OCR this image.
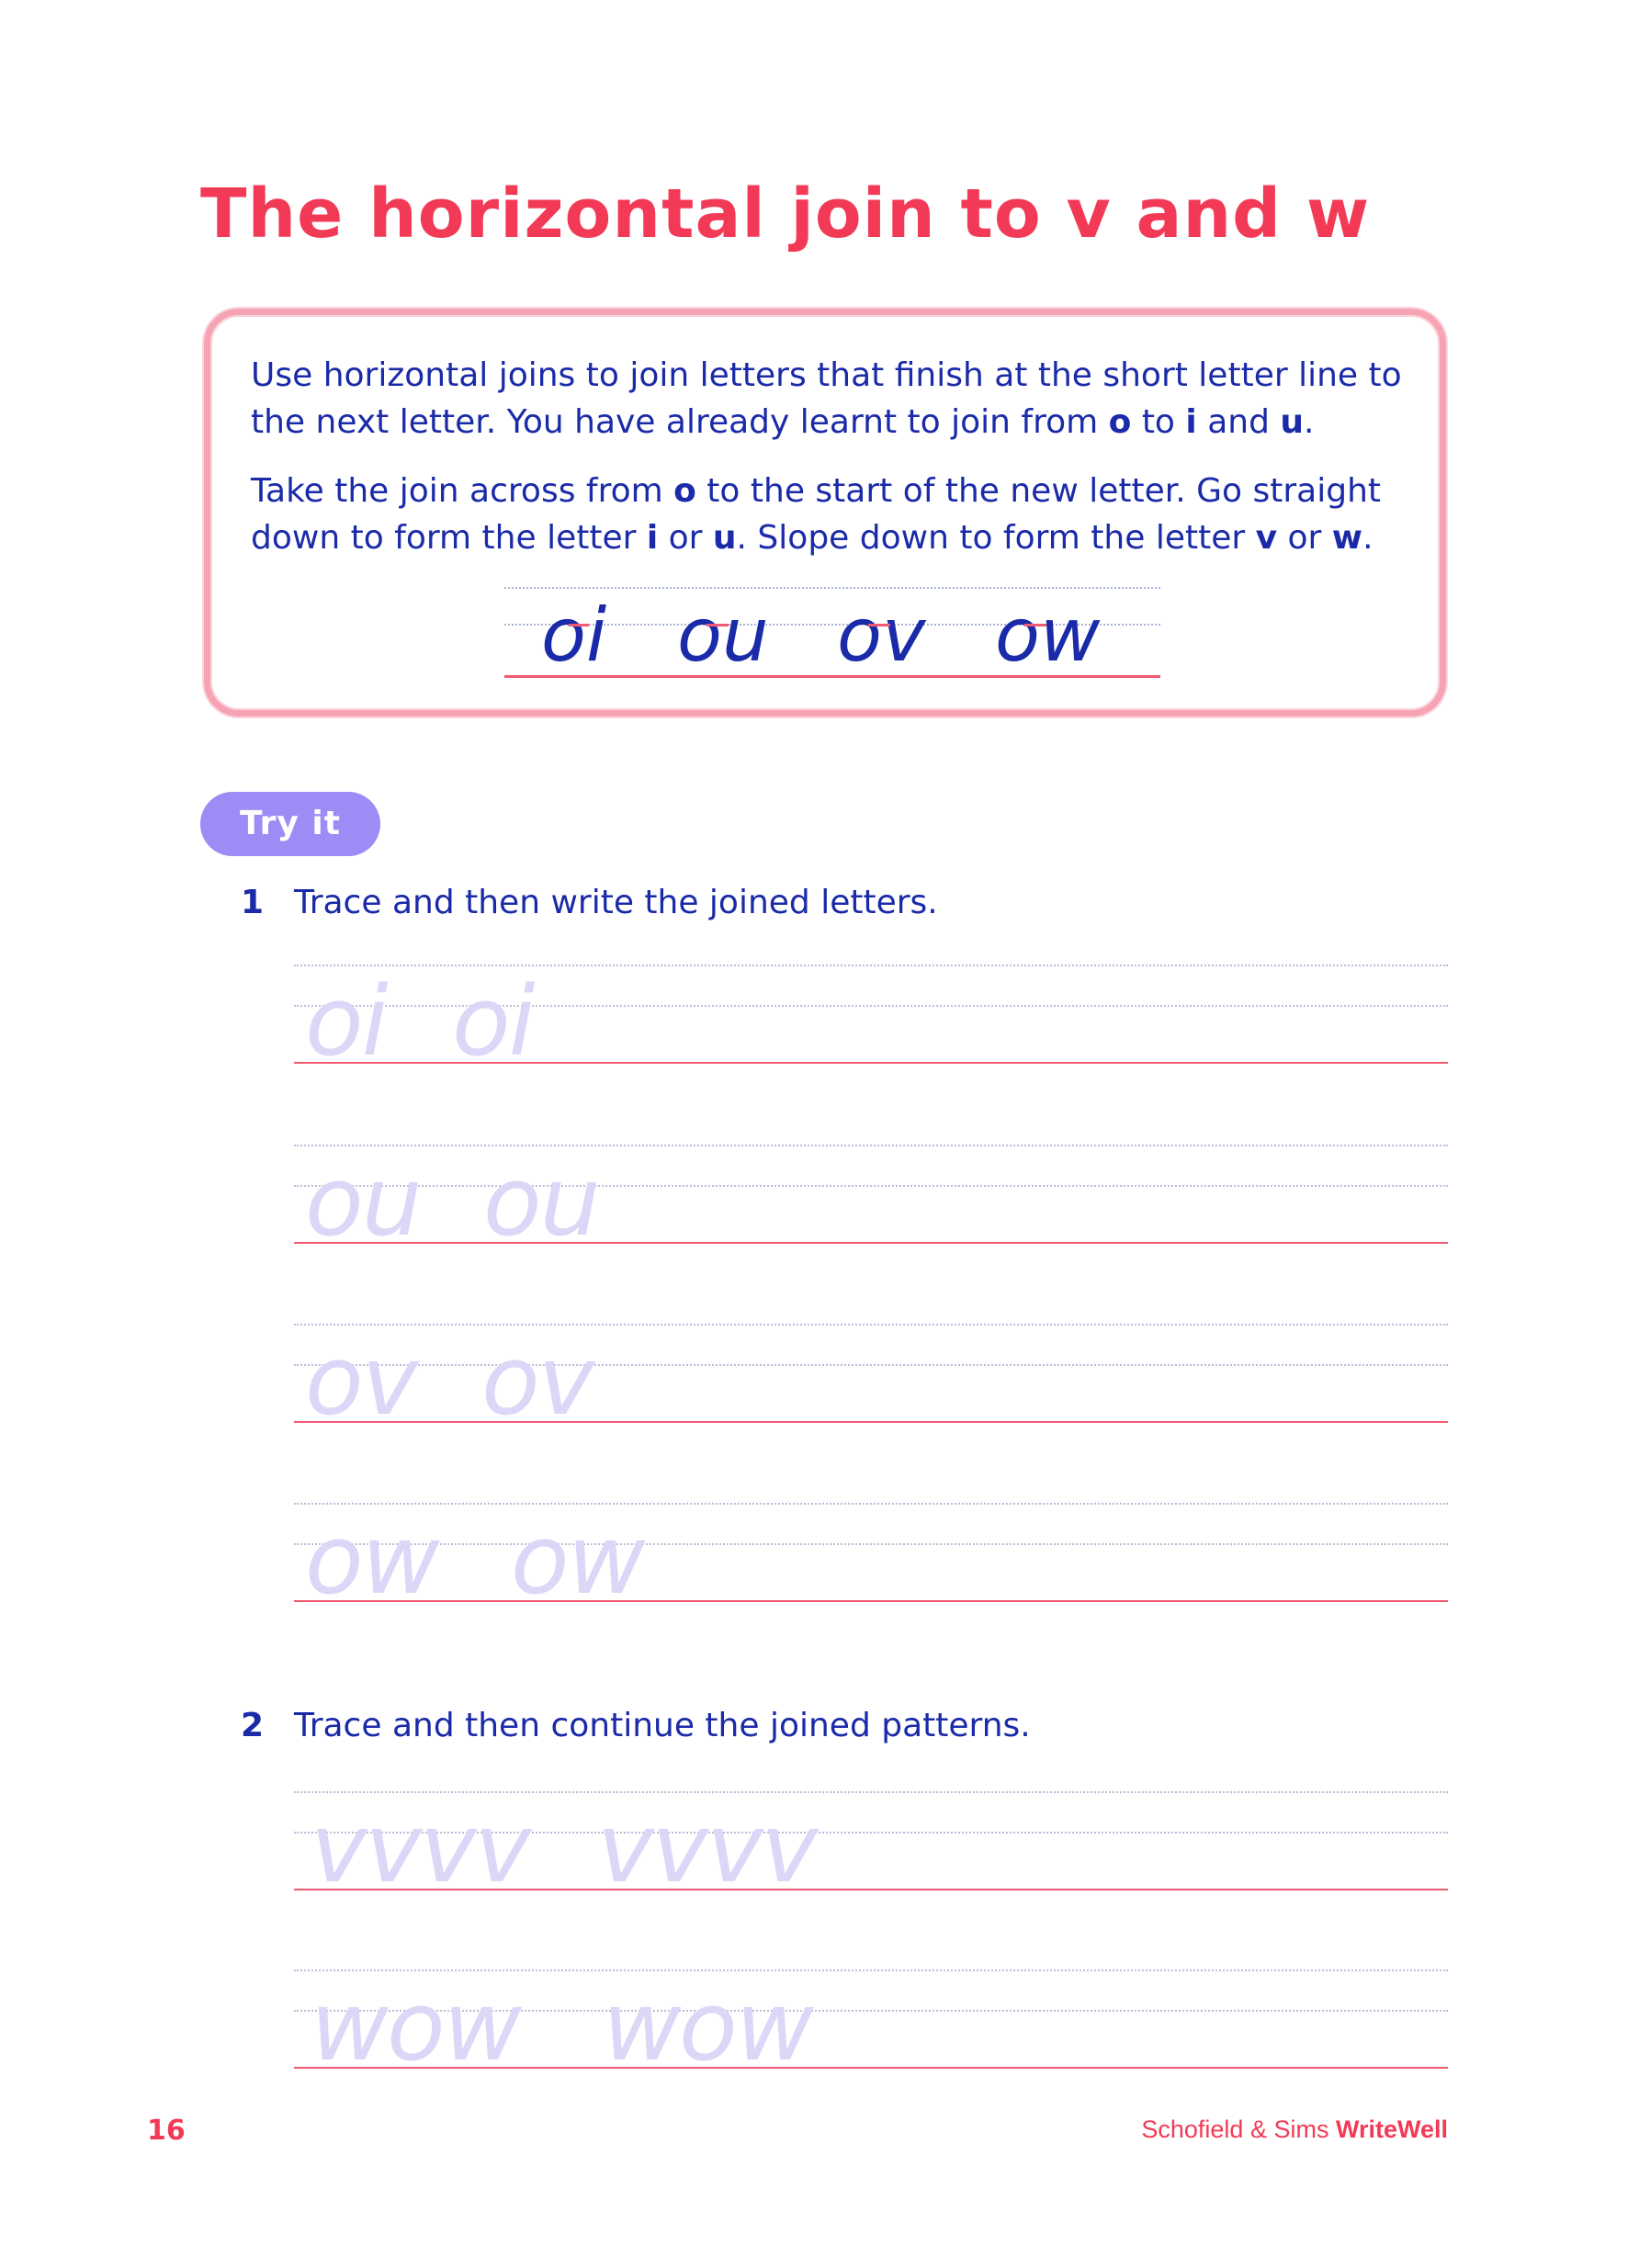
The horizontal join to v and w

Use horizontal joins to join letters that finish at the short letter line to
the next letter. You have already learnt to join from o to i and u.

Take the join across from o to the start of the new letter. Go straight
down to form the letter i or u. Slope down to form the letter v or w.

oi ou ov ow
Try it
1 Trace and then write the joined letters.
oi oi
ou ou
ov ov
ow ow
2 Trace and then continue the joined patterns.
vvvv vvvv
wow wow
16	Schofield & Sims WriteWell
